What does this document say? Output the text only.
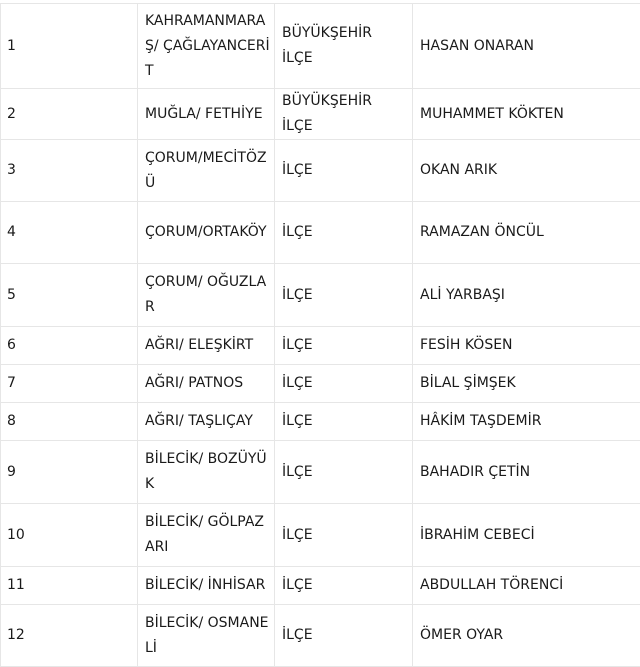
1	KAHRAMANMARAŞ/ ÇAĞLAYANCERİT	BÜYÜKŞEHİR İLÇE	HASAN ONARAN
2	MUĞLA/ FETHİYE	BÜYÜKŞEHİR İLÇE	MUHAMMET KÖKTEN
3	ÇORUM/MECİTÖZÜ	İLÇE	OKAN ARIK
4	ÇORUM/ORTAKÖY	İLÇE	RAMAZAN ÖNCÜL
5	ÇORUM/ OĞUZLAR	İLÇE	ALİ YARBAŞI
6	AĞRI/ ELEŞKİRT	İLÇE	FESİH KÖSEN
7	AĞRI/ PATNOS	İLÇE	BİLAL ŞİMŞEK
8	AĞRI/ TAŞLIÇAY	İLÇE	HÂKİM TAŞDEMİR
9	BİLECİK/ BOZÜYÜK	İLÇE	BAHADIR ÇETİN
10	BİLECİK/ GÖLPAZARI	İLÇE	İBRAHİM CEBECİ
11	BİLECİK/ İNHİSAR	İLÇE	ABDULLAH TÖRENCİ
12	BİLECİK/ OSMANELİ	İLÇE	ÖMER OYAR
